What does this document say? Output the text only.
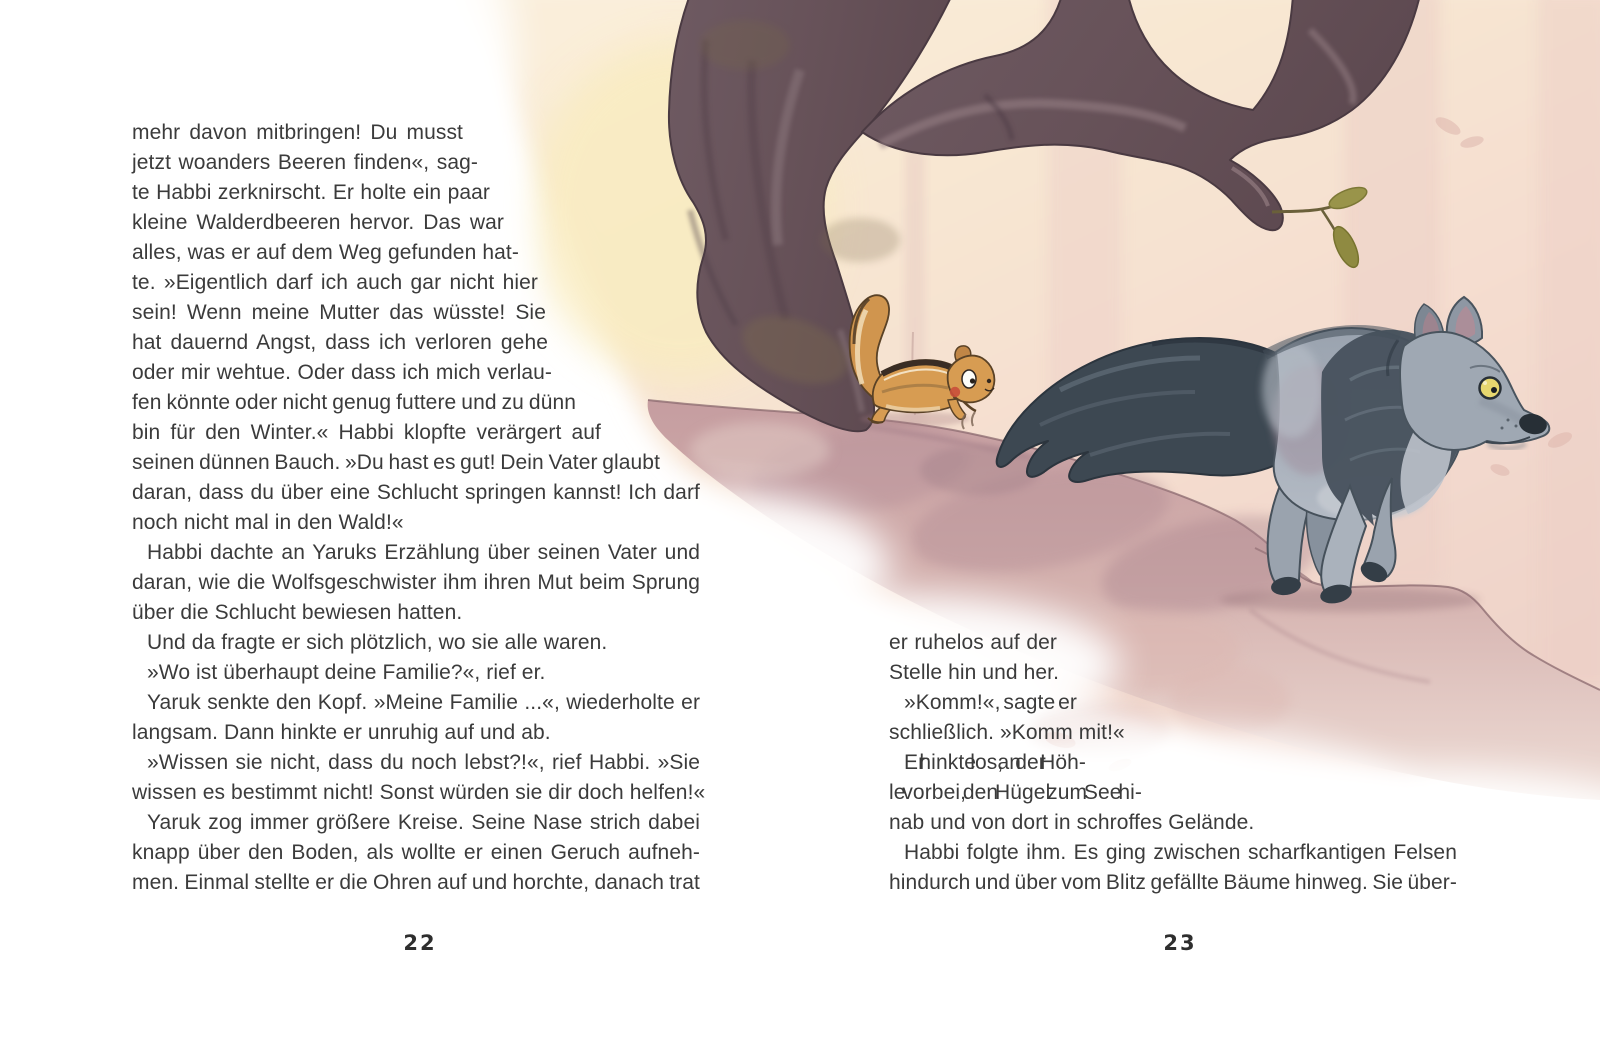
mehr davon mitbringen! Du musst
jetzt woanders Beeren finden«, sag-
te Habbi zerknirscht. Er holte ein paar
kleine Walderdbeeren hervor. Das war
alles, was er auf dem Weg gefunden hat-
te. »Eigentlich darf ich auch gar nicht hier
sein! Wenn meine Mutter das wüsste! Sie
hat dauernd Angst, dass ich verloren gehe
oder mir wehtue. Oder dass ich mich verlau-
fen könnte oder nicht genug futtere und zu dünn
bin für den Winter.« Habbi klopfte verärgert auf
seinen dünnen Bauch. »Du hast es gut! Dein Vater glaubt
daran, dass du über eine Schlucht springen kannst! Ich darf
noch nicht mal in den Wald!«
Habbi dachte an Yaruks Erzählung über seinen Vater und
daran, wie die Wolfsgeschwister ihm ihren Mut beim Sprung
über die Schlucht bewiesen hatten.
Und da fragte er sich plötzlich, wo sie alle waren.
»Wo ist überhaupt deine Familie?«, rief er.
Yaruk senkte den Kopf. »Meine Familie ...«, wiederholte er
langsam. Dann hinkte er unruhig auf und ab.
»Wissen sie nicht, dass du noch lebst?!«, rief Habbi. »Sie
wissen es bestimmt nicht! Sonst würden sie dir doch helfen!«
Yaruk zog immer größere Kreise. Seine Nase strich dabei
knapp über den Boden, als wollte er einen Geruch aufneh-
men. Einmal stellte er die Ohren auf und horchte, danach trat
er ruhelos auf der
Stelle hin und her.
»Komm!«, sagte er
schließlich. »Komm mit!«
Er hinkte los, an der Höh-
le vorbei, den Hügel zum See hi-
nab und von dort in schroffes Gelände.
Habbi folgte ihm. Es ging zwischen scharfkantigen Felsen
hindurch und über vom Blitz gefällte Bäume hinweg. Sie über-
22	23
